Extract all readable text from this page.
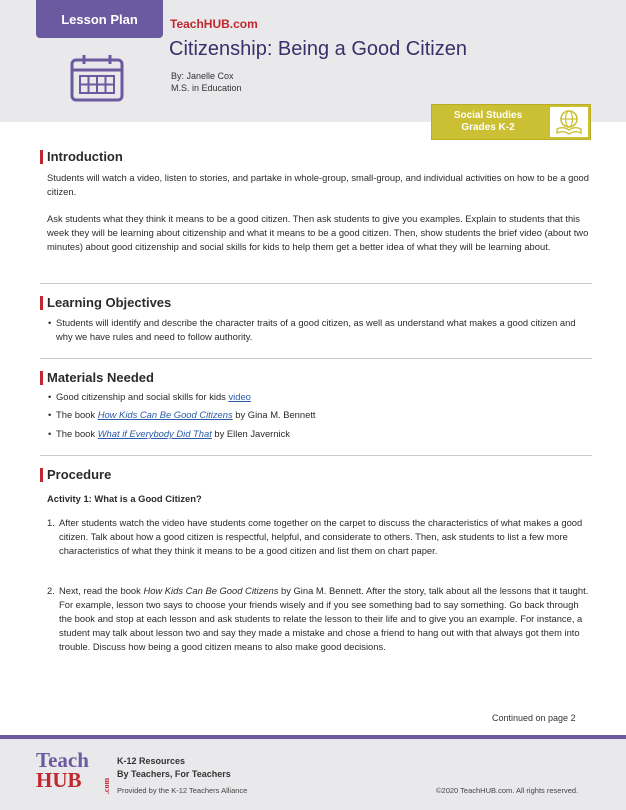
Lesson Plan	TeachHUB.com
Citizenship: Being a Good Citizen
By: Janelle Cox
M.S. in Education
Social Studies
Grades K-2
Introduction
Students will watch a video, listen to stories, and partake in whole-group, small-group, and individual activities on how to be a good citizen.
Ask students what they think it means to be a good citizen. Then ask students to give you examples. Explain to students that this week they will be learning about citizenship and what it means to be a good citizen. Then, show students the brief video (about two minutes) about good citizenship and social skills for kids to help them get a better idea of what they will be learning about.
Learning Objectives
• Students will identify and describe the character traits of a good citizen, as well as understand what makes a good citizen and why we have rules and need to follow authority.
Materials Needed
• Good citizenship and social skills for kids video
• The book How Kids Can Be Good Citizens by Gina M. Bennett
• The book What if Everybody Did That by Ellen Javernick
Procedure
Activity 1: What is a Good Citizen?
1. After students watch the video have students come together on the carpet to discuss the characteristics of what makes a good citizen. Talk about how a good citizen is respectful, helpful, and considerate to others. Then, ask students to list a few more characteristics of what they think it means to be a good citizen and list them on chart paper.
2. Next, read the book How Kids Can Be Good Citizens by Gina M. Bennett. After the story, talk about all the lessons that it taught. For example, lesson two says to choose your friends wisely and if you see something bad to say something. Go back through the book and stop at each lesson and ask students to relate the lesson to their life and to give you an example. For instance, a student may talk about lesson two and say they made a mistake and chose a friend to hang out with that always got them into trouble. Discuss how being a good citizen means to also make good decisions.
Continued on page 2
Teach
HUB	.com
K-12 Resources
By Teachers, For Teachers
Provided by the K-12 Teachers Alliance	©2020 TeachHUB.com. All rights reserved.
